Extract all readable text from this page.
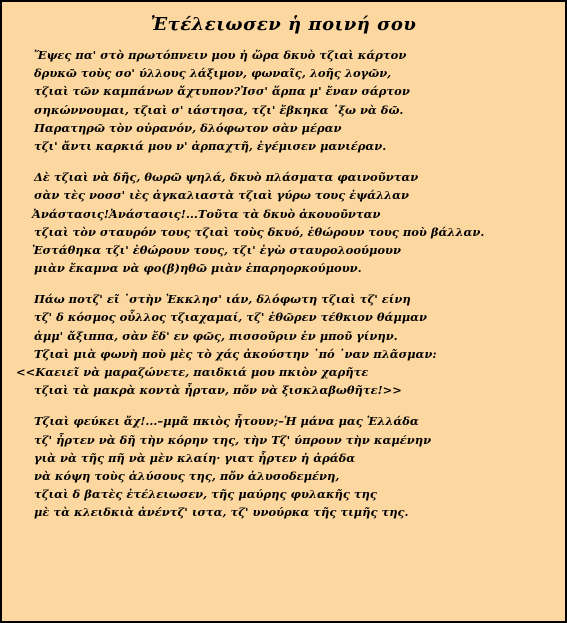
Ἐτέλειωσεν ἡ ποινή σου
Ἔψες πα' στὸ πρωτόπνειν μου ἡ ὥρα δκυὸ τζιαὶ κάρτον
δρυκῶ τοὺς σο' ύλλους λάξιμον, φωναῖς, λοῆς λογῶν,
τζιαὶ τῶν καμπάνων ἄχτυπον?Ἰσσ' ἅρπα μ' ἔναν σάρτον
σηκώννουμαι, τζιαὶ σ' ιάστησα, τζι' ἔβκηκα ᾽ξω νὰ δῶ.
Παρατηρῶ τὸν οὐρανόν, δλόφωτον σὰν μέραν
τζι' ἄντι καρκιά μου ν' ἀρπαχτῆ, ἐγέμισεν μανιέραν.
Δὲ τζιαὶ νὰ δῆς, θωρῶ ψηλά, δκυὸ πλάσματα φαινοῦνταν
σὰν τὲς νοσσ' ιὲς ἀγκαλιαστὰ τζιαὶ γύρω τους ἐψάλλαν
Ἀνάστασις!Ἀνάστασις!...Τοῦτα τὰ δκυὸ ἀκουοῦνταν
τζιαὶ τὸν σταυρόν τους τζιαὶ τοὺς δκυό, ἐθώρουν τους ποὺ βάλλαν.
Ἐστάθηκα τζι' ἐθώρουν τους, τζι' ἐγὼ σταυρολοούμουν
μιὰν ἔκαμνα νὰ φο(β)ηθῶ μιὰν ἐπαρηορκούμουν.
Πάω ποτζ' εῖ ᾽στὴν Ἐκκλησ' ιάν, δλόφωτη τζιαὶ τζ' είνη
τζ' δ κόσμος οὖλλος τζιαχαμαί, τζ' ἐθῶρεν τέθκιον θάμμαν
ἀμμ' ἄξιππα, σὰν ἔδ' εν φῶς, πισσοῦριν ἐν μποῦ γίνην.
Τζιαὶ μιὰ φωνὴ ποὺ μὲς τὸ χάς ἀκούστην ᾽πό ᾽ναν πλᾶσμαν:
<<Καειεῖ νὰ μαραζώνετε, παιδκιά μου πκιὸν χαρῆτε
τζιαὶ τὰ μακρὰ κοντὰ ἦρταν, πὄν νὰ ξισκλαβωθῆτε!>>
Τζιαὶ φεύκει ἄχ!...–μμᾶ πκιὸς ἦτουν;–Ἡ μάνα μας Ἑλλάδα
τζ' ἦρτεν νὰ δῆ τὴν κόρην της, τὴν Τζ' ύπρουν τὴν καμένην
γιὰ νὰ τῆς πῆ νὰ μὲν κλαίη· γιατ ἦρτεν ἡ ἀράδα
νὰ κόψη τοὺς ἁλύσους της, πὄν ἁλυσοδεμένη,
τζιαὶ δ βατὲς ἐτέλειωσεν, τῆς μαύρης φυλακῆς της
μὲ τὰ κλειδκιὰ ἀνέντζ' ιστα, τζ' υνούρκα τῆς τιμῆς της.
